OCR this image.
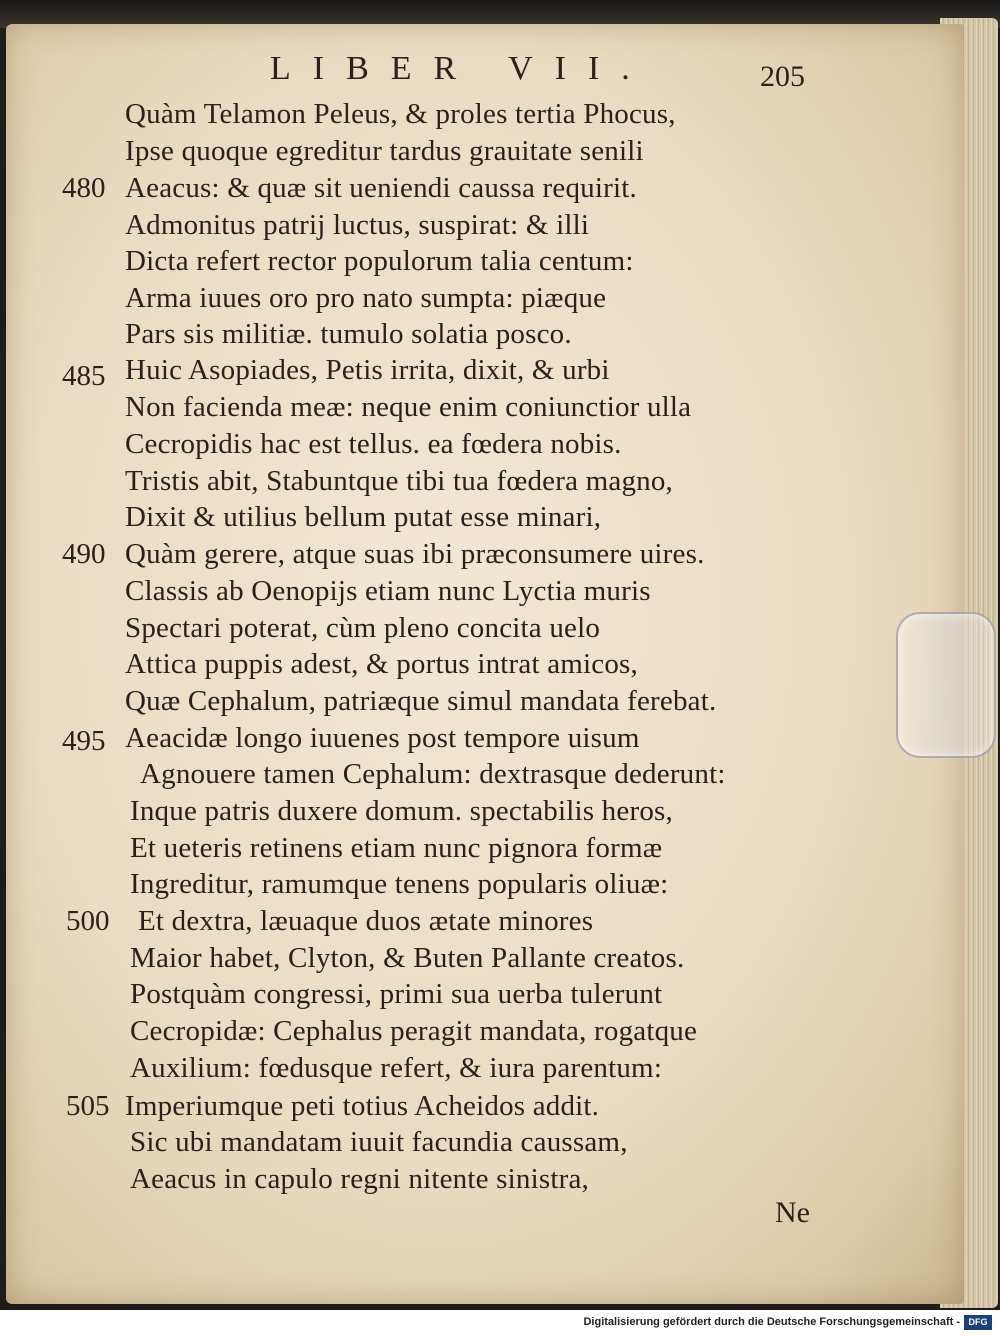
LIBER VII.	205
Quàm Telamon Peleus, & proles tertia Phocus,
Ipse quoque egreditur tardus grauitate senili
Aeacus: & quæ sit ueniendi caussa requirit.
Admonitus patrij luctus, suspirat: & illi
Dicta refert rector populorum talia centum:
Arma iuues oro pro nato sumpta: piæque
Pars sis militiæ. tumulo solatia posco.
Huic Asopiades, Petis irrita, dixit, & urbi
Non facienda meæ: neque enim coniunctior ulla
Cecropidis hac est tellus. ea fœdera nobis.
Tristis abit, Stabuntque tibi tua fœdera magno,
Dixit & utilius bellum putat esse minari,
Quàm gerere, atque suas ibi præconsumere uires.
Classis ab Oenopijs etiam nunc Lyctia muris
Spectari poterat, cùm pleno concita uelo
Attica puppis adest, & portus intrat amicos,
Quæ Cephalum, patriæque simul mandata ferebat.
Aeacidæ longo iuuenes post tempore uisum
Agnouere tamen Cephalum: dextrasque dederunt:
Inque patris duxere domum. spectabilis heros,
Et ueteris retinens etiam nunc pignora formæ
Ingreditur, ramumque tenens popularis oliuæ:
Et dextra, læuaque duos ætate minores
Maior habet, Clyton, & Buten Pallante creatos.
Postquàm congressi, primi sua uerba tulerunt
Cecropidæ: Cephalus peragit mandata, rogatque
Auxilium: fœdusque refert, & iura parentum:
Imperiumque peti totius Acheidos addit.
Sic ubi mandatam iuuit facundia caussam,
Aeacus in capulo regni nitente sinistra,
480
485
490
495
500
505
Ne
Digitalisierung gefördert durch die Deutsche Forschungsgemeinschaft - DFG
